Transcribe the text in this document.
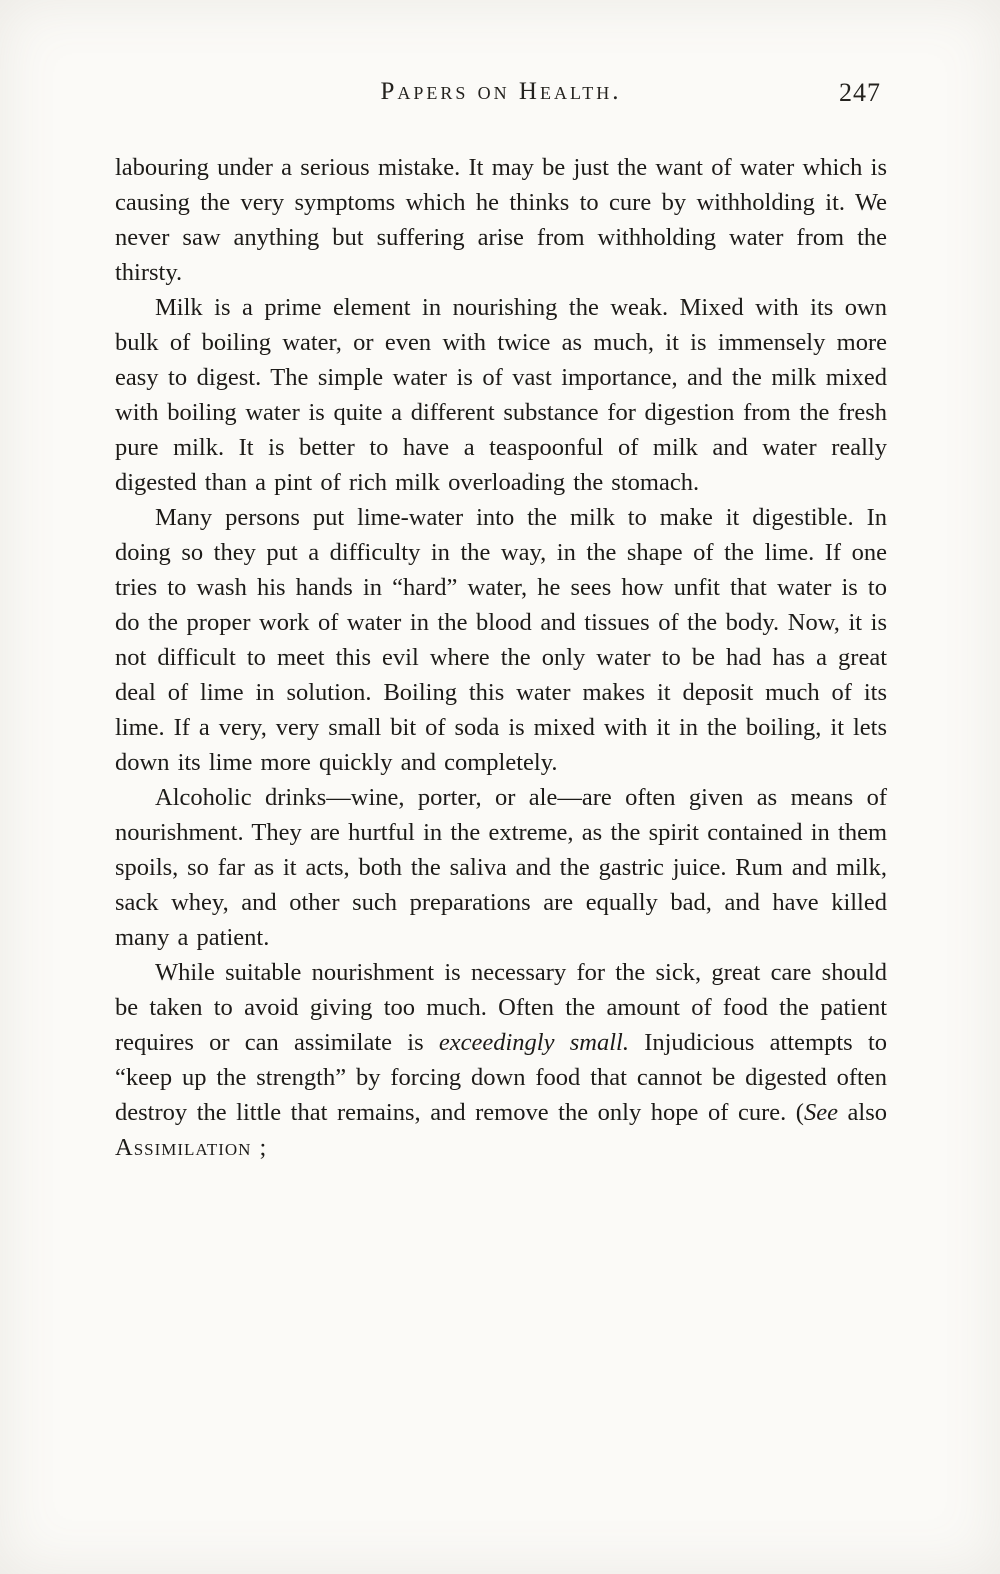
Papers on Health.	247

labouring under a serious mistake. It may be just the want of water which is causing the very symptoms which he thinks to cure by withholding it. We never saw anything but suffering arise from withholding water from the thirsty.

Milk is a prime element in nourishing the weak. Mixed with its own bulk of boiling water, or even with twice as much, it is immensely more easy to digest. The simple water is of vast importance, and the milk mixed with boiling water is quite a different substance for digestion from the fresh pure milk. It is better to have a teaspoonful of milk and water really digested than a pint of rich milk overloading the stomach.

Many persons put lime-water into the milk to make it digestible. In doing so they put a difficulty in the way, in the shape of the lime. If one tries to wash his hands in “hard” water, he sees how unfit that water is to do the proper work of water in the blood and tissues of the body. Now, it is not difficult to meet this evil where the only water to be had has a great deal of lime in solution. Boiling this water makes it deposit much of its lime. If a very, very small bit of soda is mixed with it in the boiling, it lets down its lime more quickly and completely.

Alcoholic drinks—wine, porter, or ale—are often given as means of nourishment. They are hurtful in the extreme, as the spirit contained in them spoils, so far as it acts, both the saliva and the gastric juice. Rum and milk, sack whey, and other such preparations are equally bad, and have killed many a patient.

While suitable nourishment is necessary for the sick, great care should be taken to avoid giving too much. Often the amount of food the patient requires or can assimilate is exceedingly small. Injudicious attempts to “keep up the strength” by forcing down food that cannot be digested often destroy the little that remains, and remove the only hope of cure. (See also Assimilation ;
